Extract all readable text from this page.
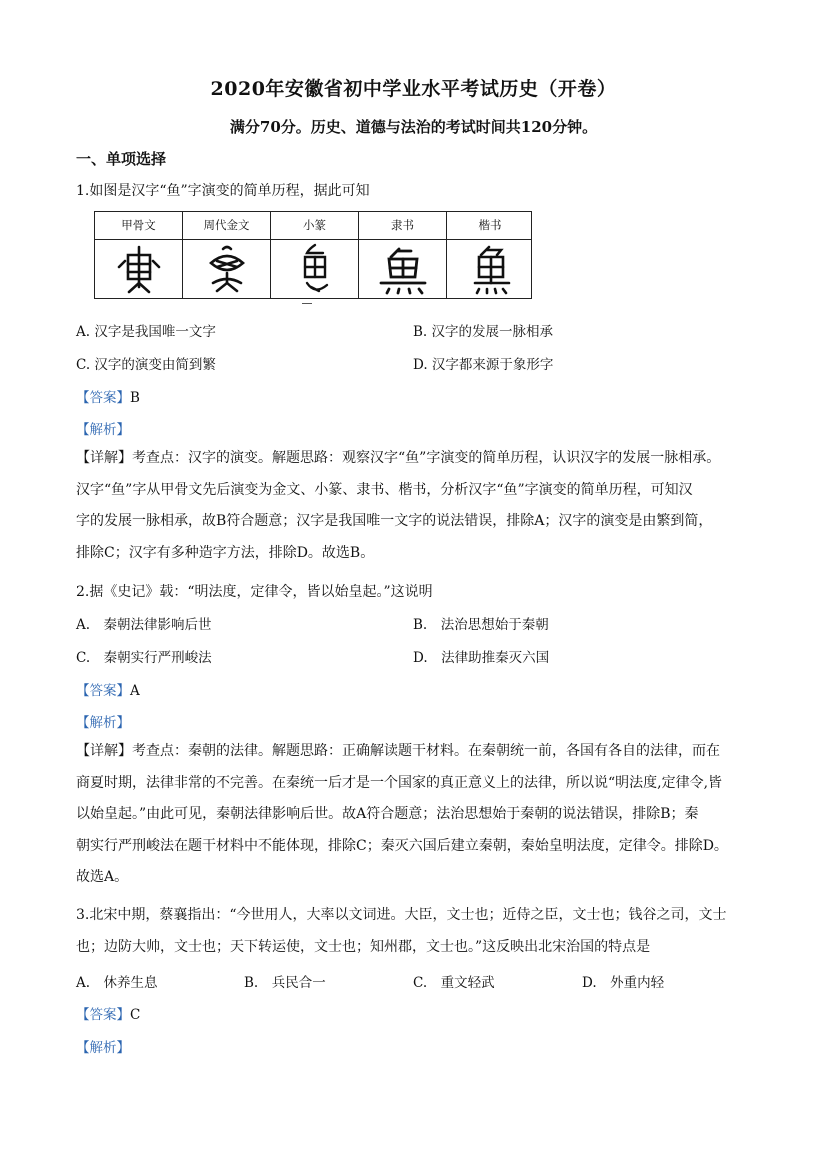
2020年安徽省初中学业水平考试历史（开卷）
满分70分。历史、道德与法治的考试时间共120分钟。
一、单项选择
1.如图是汉字“鱼”字演变的简单历程，据此可知
甲骨文	周代金文	小篆	隶书	楷书
A. 汉字是我国唯一文字	B. 汉字的发展一脉相承
C. 汉字的演变由简到繁	D. 汉字都来源于象形字
【答案】B
【解析】

【详解】考查点：汉字的演变。解题思路：观察汉字“鱼”字演变的简单历程，认识汉字的发展一脉相承。

汉字“鱼”字从甲骨文先后演变为金文、小篆、隶书、楷书，分析汉字“鱼”字演变的简单历程，可知汉

字的发展一脉相承，故B符合题意；汉字是我国唯一文字的说法错误，排除A；汉字的演变是由繁到简，

排除C；汉字有多种造字方法，排除D。故选B。

2.据《史记》载：“明法度，定律令，皆以始皇起。”这说明
A.　秦朝法律影响后世	B.　法治思想始于秦朝
C.　秦朝实行严刑峻法	D.　法律助推秦灭六国
【答案】A
【解析】

【详解】考查点：秦朝的法律。解题思路：正确解读题干材料。在秦朝统一前，各国有各自的法律，而在

商夏时期，法律非常的不完善。在秦统一后才是一个国家的真正意义上的法律，所以说“明法度,定律令,皆

以始皇起。”由此可见，秦朝法律影响后世。故A符合题意；法治思想始于秦朝的说法错误，排除B；秦

朝实行严刑峻法在题干材料中不能体现，排除C；秦灭六国后建立秦朝，秦始皇明法度，定律令。排除D。

故选A。

3.北宋中期，蔡襄指出：“今世用人，大率以文词进。大臣，文士也；近侍之臣，文士也；钱谷之司，文士

也；边防大帅，文士也；天下转运使，文士也；知州郡，文士也。”这反映出北宋治国的特点是

A.　休养生息	B.　兵民合一	C.　重文轻武	D.　外重内轻
【答案】C
【解析】
